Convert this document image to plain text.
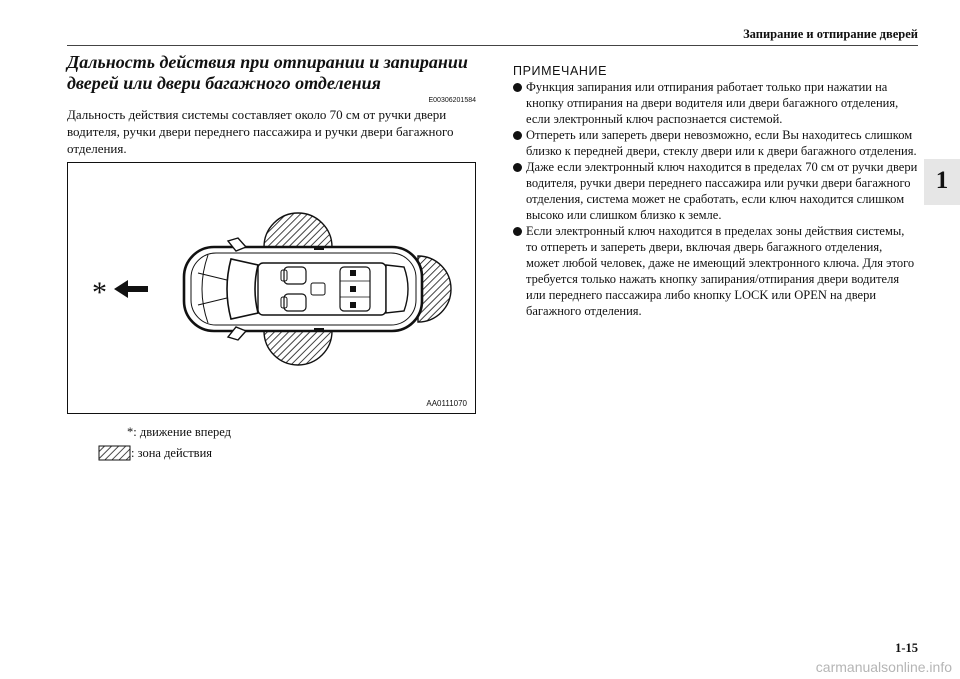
Запирание и отпирание дверей
1
Дальность действия при отпирании и запирании дверей или двери багажного отделения
E00306201584
Дальность действия системы составляет около 70 см от ручки двери водителя, ручки двери переднего пассажира и ручки двери багажного отделения.
*
AA0111070
*: движение вперед
: зона действия
ПРИМЕЧАНИЕ
Функция запирания или отпирания работает только при нажатии на кнопку отпирания на двери водителя или двери багажного отделения, если электронный ключ распознается системой.
Отпереть или запереть двери невозможно, если Вы находитесь слишком близко к передней двери, стеклу двери или к двери багажного отделения.
Даже если электронный ключ находится в пределах 70 см от ручки двери водителя, ручки двери переднего пассажира или ручки двери багажного отделения, система может не сработать, если ключ находится слишком высоко или слишком близко к земле.
Если электронный ключ находится в пределах зоны действия системы, то отпереть и запереть двери, включая дверь багажного отделения, может любой человек, даже не имеющий электронного ключа. Для этого требуется только нажать кнопку запирания/отпирания двери водителя или переднего пассажира либо кнопку LOCK или OPEN на двери багажного отделения.
1-15
carmanualsonline.info
